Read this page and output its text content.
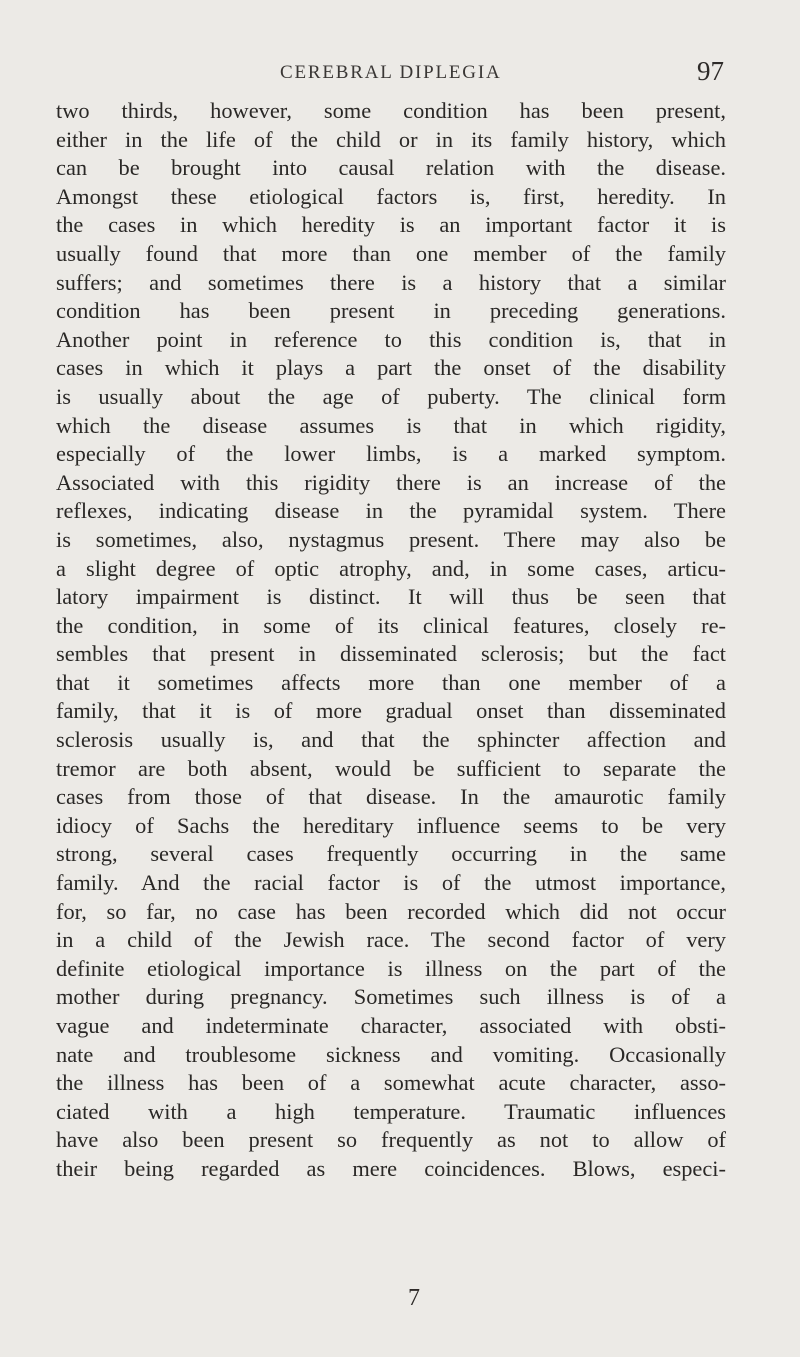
CEREBRAL DIPLEGIA	97
two thirds, however, some condition has been present,
either in the life of the child or in its family history, which
can be brought into causal relation with the disease.
Amongst these etiological factors is, first, heredity. In
the cases in which heredity is an important factor it is
usually found that more than one member of the family
suffers; and sometimes there is a history that a similar
condition has been present in preceding generations.
Another point in reference to this condition is, that in
cases in which it plays a part the onset of the disability
is usually about the age of puberty. The clinical form
which the disease assumes is that in which rigidity,
especially of the lower limbs, is a marked symptom.
Associated with this rigidity there is an increase of the
reflexes, indicating disease in the pyramidal system. There
is sometimes, also, nystagmus present. There may also be
a slight degree of optic atrophy, and, in some cases, articu-
latory impairment is distinct. It will thus be seen that
the condition, in some of its clinical features, closely re-
sembles that present in disseminated sclerosis; but the fact
that it sometimes affects more than one member of a
family, that it is of more gradual onset than disseminated
sclerosis usually is, and that the sphincter affection and
tremor are both absent, would be sufficient to separate the
cases from those of that disease. In the amaurotic family
idiocy of Sachs the hereditary influence seems to be very
strong, several cases frequently occurring in the same
family. And the racial factor is of the utmost importance,
for, so far, no case has been recorded which did not occur
in a child of the Jewish race. The second factor of very
definite etiological importance is illness on the part of the
mother during pregnancy. Sometimes such illness is of a
vague and indeterminate character, associated with obsti-
nate and troublesome sickness and vomiting. Occasionally
the illness has been of a somewhat acute character, asso-
ciated with a high temperature. Traumatic influences
have also been present so frequently as not to allow of
their being regarded as mere coincidences. Blows, especi-
7
